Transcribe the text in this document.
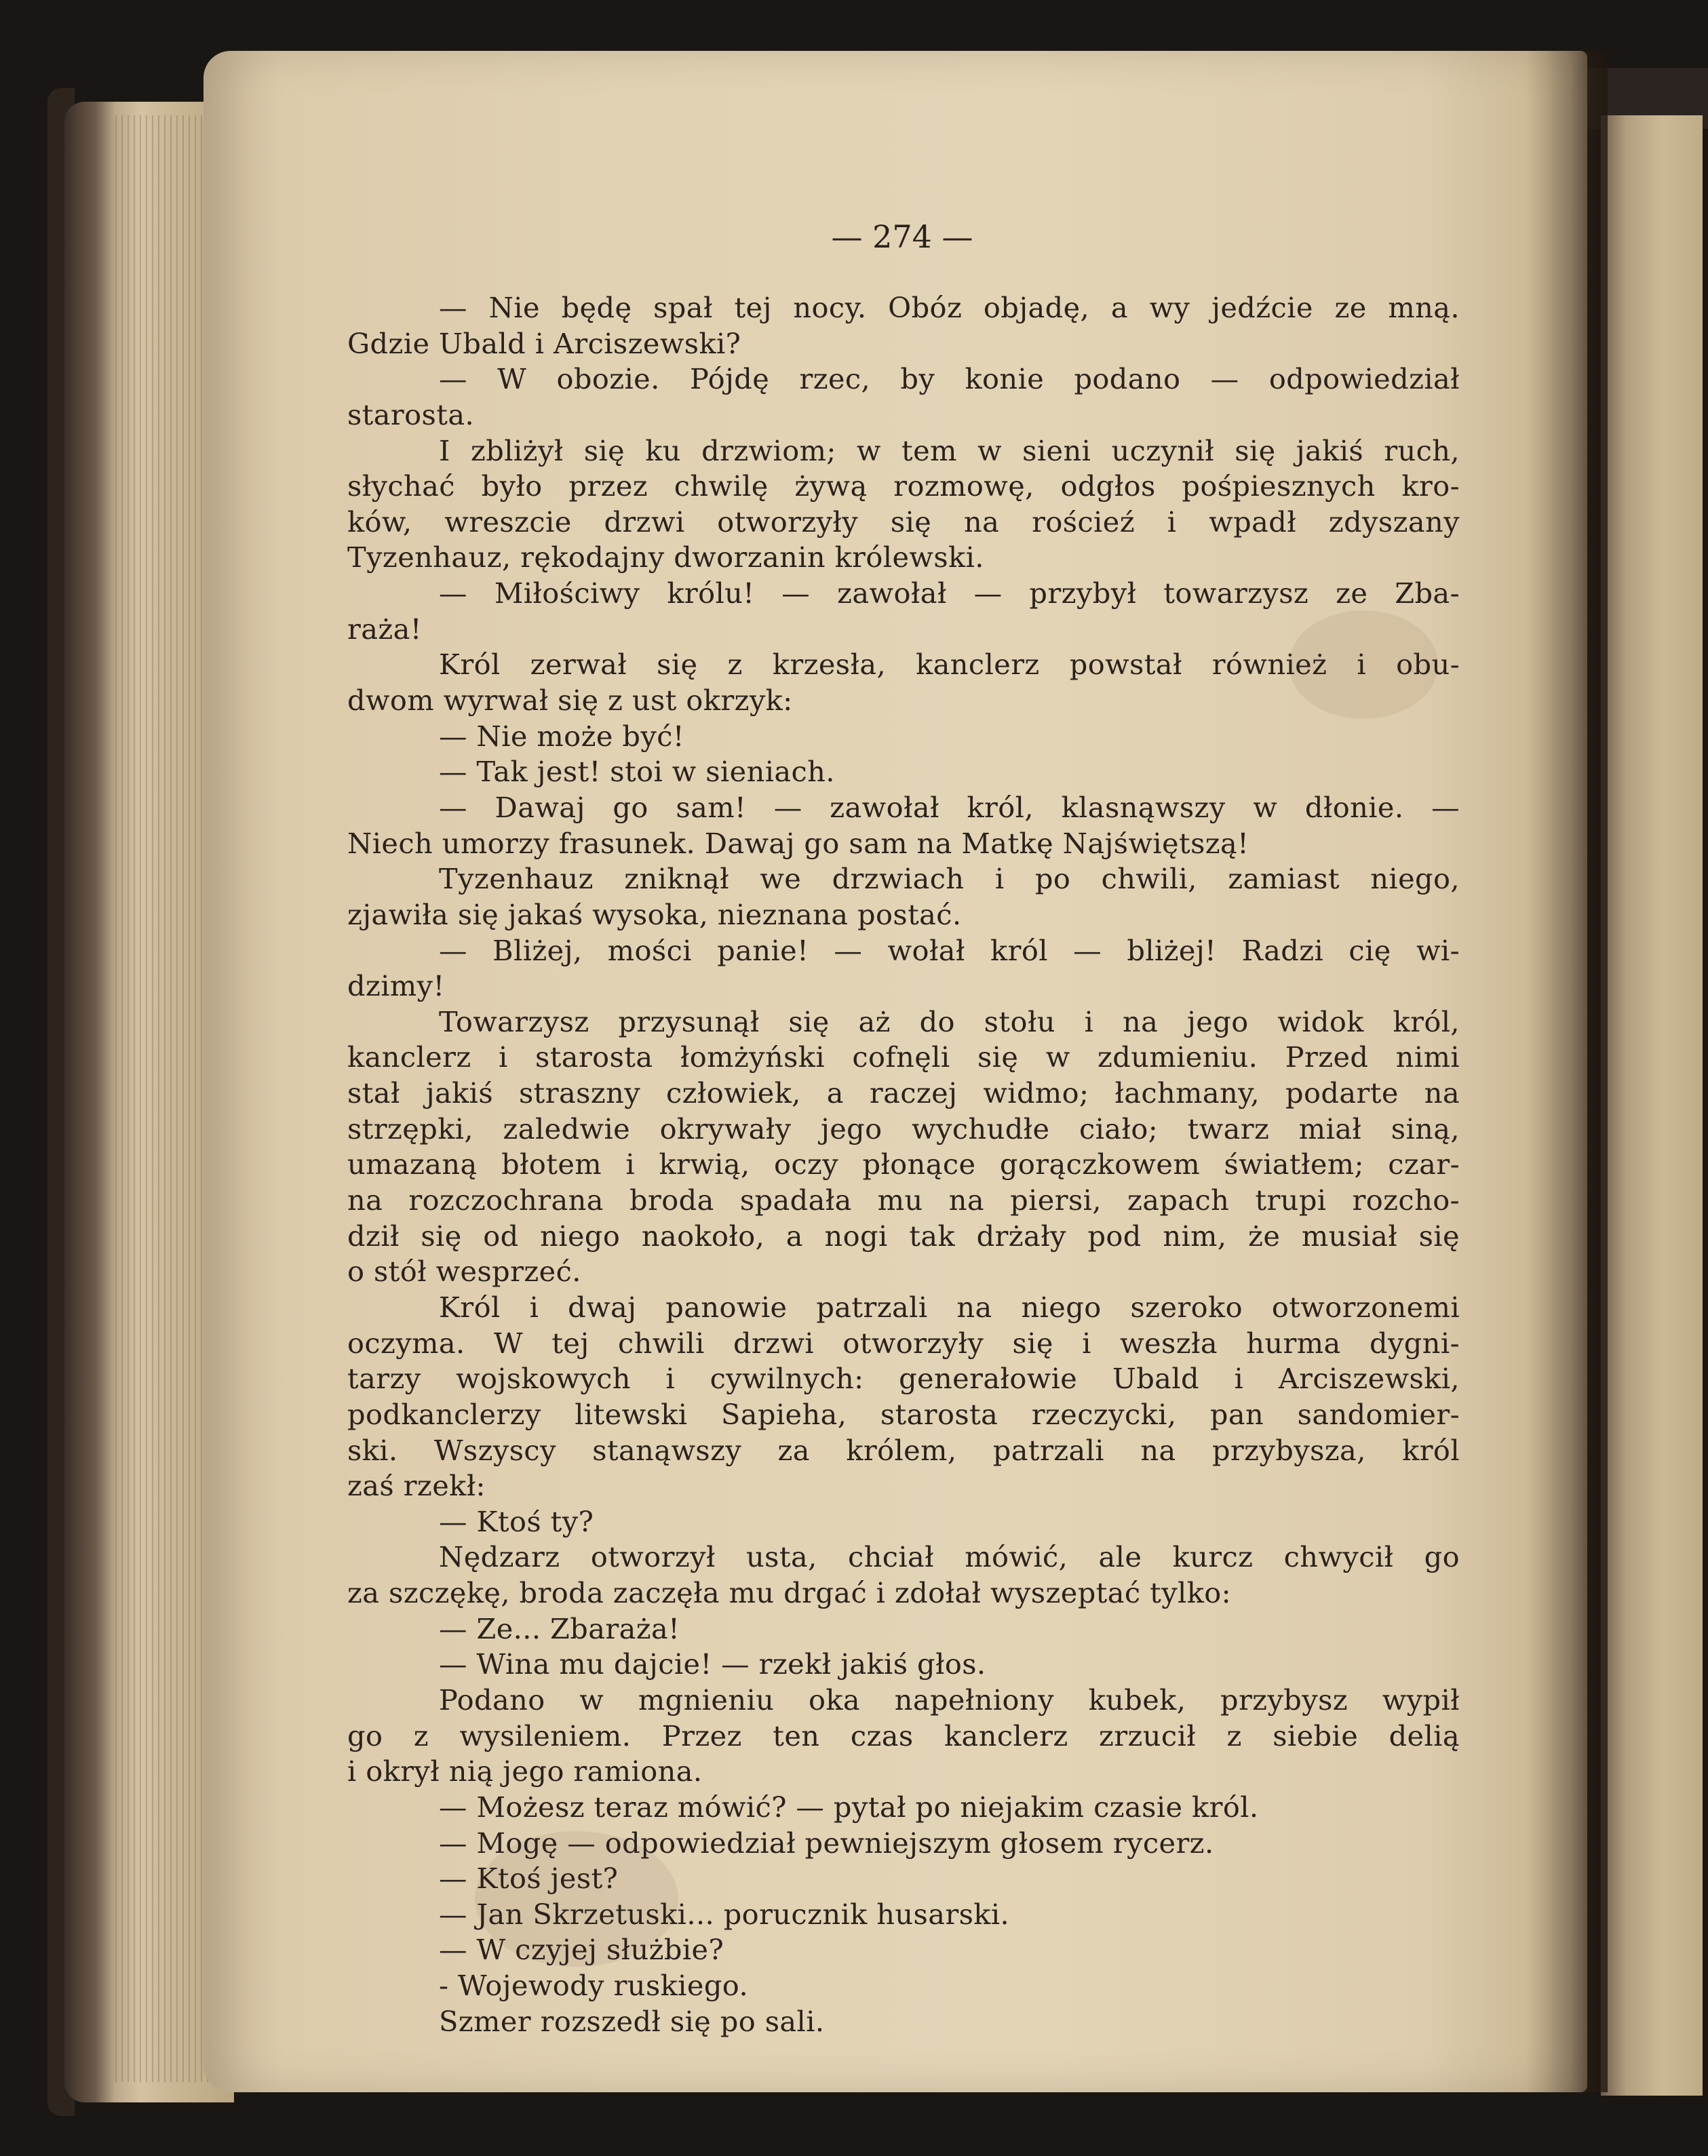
— 274 —
— Nie będę spał tej nocy. Obóz objadę, a wy jedźcie ze mną.
Gdzie Ubald i Arciszewski?
— W obozie. Pójdę rzec, by konie podano — odpowiedział
starosta.
I zbliżył się ku drzwiom; w tem w sieni uczynił się jakiś ruch,
słychać było przez chwilę żywą rozmowę, odgłos pośpiesznych kro-
ków, wreszcie drzwi otworzyły się na rościeź i wpadł zdyszany
Tyzenhauz, rękodajny dworzanin królewski.
— Miłościwy królu! — zawołał — przybył towarzysz ze Zba-
rażа!
Król zerwał się z krzesła, kanclerz powstał również i obu-
dwom wyrwał się z ust okrzyk:
— Nie może być!
— Tak jest! stoi w sieniach.
— Dawaj go sam! — zawołał król, klasnąwszy w dłonie. —
Niech umorzy frasunek. Dawaj go sam na Matkę Najświętszą!
Tyzenhauz zniknął we drzwiach i po chwili, zamiast niego,
zjawiła się jakaś wysoka, nieznana postać.
— Bliżej, mości panie! — wołał król — bliżej! Radzi cię wi-
dzimy!
Towarzysz przysunął się aż do stołu i na jego widok król,
kanclerz i starosta łomżyński cofnęli się w zdumieniu. Przed nimi
stał jakiś straszny człowiek, a raczej widmo; łachmany, podarte na
strzępki, zaledwie okrywały jego wychudłe ciało; twarz miał siną,
umazaną błotem i krwią, oczy płonące gorączkowem światłem; czar-
na rozczochrana broda spadała mu na piersi, zapach trupi rozcho-
dził się od niego naokoło, a nogi tak drżały pod nim, że musiał się
o stół wesprzeć.
Król i dwaj panowie patrzali na niego szeroko otworzonemi
oczyma. W tej chwili drzwi otworzyły się i weszła hurma dygni-
tarzy wojskowych i cywilnych: generałowie Ubald i Arciszewski,
podkanclerzy litewski Sapieha, starosta rzeczycki, pan sandomier-
ski. Wszyscy stanąwszy za królem, patrzali na przybysza, król
zaś rzekł:
— Ktoś ty?
Nędzarz otworzył usta, chciał mówić, ale kurcz chwycił go
za szczękę, broda zaczęła mu drgać i zdołał wyszeptać tylko:
— Ze... Zbaraża!
— Wina mu dajcie! — rzekł jakiś głos.
Podano w mgnieniu oka napełniony kubek, przybysz wypił
go z wysileniem. Przez ten czas kanclerz zrzucił z siebie delią
i okrył nią jego ramiona.
— Możesz teraz mówić? — pytał po niejakim czasie król.
— Mogę — odpowiedział pewniejszym głosem rycerz.
— Ktoś jest?
— Jan Skrzetuski... porucznik husarski.
— W czyjej służbie?
- Wojewody ruskiego.
Szmer rozszedł się po sali.
